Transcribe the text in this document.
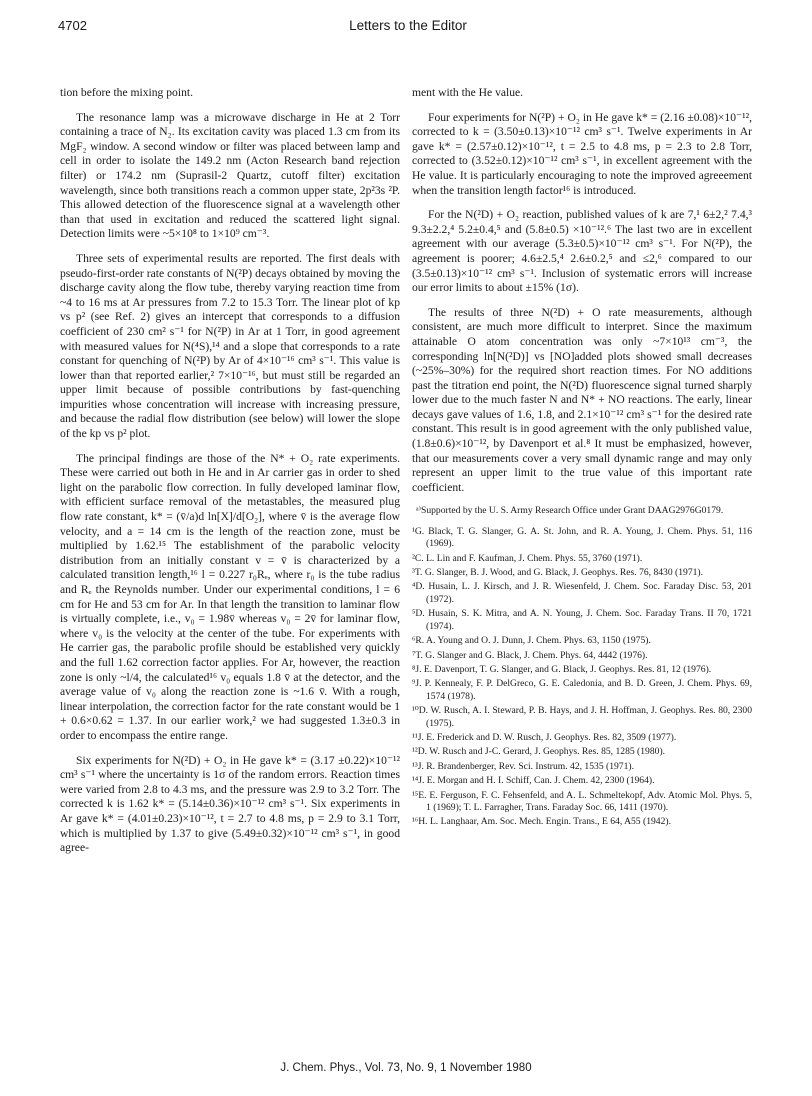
4702	Letters to the Editor

tion before the mixing point.

The resonance lamp was a microwave discharge in He at 2 Torr containing a trace of N₂. Its excitation cavity was placed 1.3 cm from its MgF₂ window. A second window or filter was placed between lamp and cell in order to isolate the 149.2 nm (Acton Research band rejection filter) or 174.2 nm (Suprasil-2 Quartz, cutoff filter) excitation wavelength, since both transitions reach a common upper state, 2p²3s ²P. This allowed detection of the fluorescence signal at a wavelength other than that used in excitation and reduced the scattered light signal. Detection limits were ~5×10⁸ to 1×10⁹ cm⁻³.

Three sets of experimental results are reported. The first deals with pseudo-first-order rate constants of N(²P) decays obtained by moving the discharge cavity along the flow tube, thereby varying reaction time from ~4 to 16 ms at Ar pressures from 7.2 to 15.3 Torr. The linear plot of kp vs p² (see Ref. 2) gives an intercept that corresponds to a diffusion coefficient of 230 cm² s⁻¹ for N(²P) in Ar at 1 Torr, in good agreement with measured values for N(⁴S),¹⁴ and a slope that corresponds to a rate constant for quenching of N(²P) by Ar of 4×10⁻¹⁶ cm³ s⁻¹. This value is lower than that reported earlier,² 7×10⁻¹⁶, but must still be regarded an upper limit because of possible contributions by fast-quenching impurities whose concentration will increase with increasing pressure, and because the radial flow distribution (see below) will lower the slope of the kp vs p² plot.

The principal findings are those of the N* + O₂ rate experiments. These were carried out both in He and in Ar carrier gas in order to shed light on the parabolic flow correction. In fully developed laminar flow, with efficient surface removal of the metastables, the measured plug flow rate constant, k* = (v̄/a)d ln[X]/d[O₂], where v̄ is the average flow velocity, and a = 14 cm is the length of the reaction zone, must be multiplied by 1.62.¹⁵ The establishment of the parabolic velocity distribution from an initially constant v = v̄ is characterized by a calculated transition length,¹⁶ l = 0.227 r₀Rₑ, where r₀ is the tube radius and Rₑ the Reynolds number. Under our experimental conditions, l = 6 cm for He and 53 cm for Ar. In that length the transition to laminar flow is virtually complete, i.e., v₀ = 1.98v̄ whereas v₀ = 2v̄ for laminar flow, where v₀ is the velocity at the center of the tube. For experiments with He carrier gas, the parabolic profile should be established very quickly and the full 1.62 correction factor applies. For Ar, however, the reaction zone is only ~l/4, the calculated¹⁶ v₀ equals 1.8 v̄ at the detector, and the average value of v₀ along the reaction zone is ~1.6 v̄. With a rough, linear interpolation, the correction factor for the rate constant would be 1 + 0.6×0.62 = 1.37. In our earlier work,² we had suggested 1.3±0.3 in order to encompass the entire range.

Six experiments for N(²D) + O₂ in He gave k* = (3.17 ±0.22)×10⁻¹² cm³ s⁻¹ where the uncertainty is 1σ of the random errors. Reaction times were varied from 2.8 to 4.3 ms, and the pressure was 2.9 to 3.2 Torr. The corrected k is 1.62 k* = (5.14±0.36)×10⁻¹² cm³ s⁻¹. Six experiments in Ar gave k* = (4.01±0.23)×10⁻¹², t = 2.7 to 4.8 ms, p = 2.9 to 3.1 Torr, which is multiplied by 1.37 to give (5.49±0.32)×10⁻¹² cm³ s⁻¹, in good agree-

ment with the He value.

Four experiments for N(²P) + O₂ in He gave k* = (2.16 ±0.08)×10⁻¹², corrected to k = (3.50±0.13)×10⁻¹² cm³ s⁻¹. Twelve experiments in Ar gave k* = (2.57±0.12)×10⁻¹², t = 2.5 to 4.8 ms, p = 2.3 to 2.8 Torr, corrected to (3.52±0.12)×10⁻¹² cm³ s⁻¹, in excellent agreement with the He value. It is particularly encouraging to note the improved agreeement when the transition length factor¹⁶ is introduced.

For the N(²D) + O₂ reaction, published values of k are 7,¹ 6±2,² 7.4,³ 9.3±2.2,⁴ 5.2±0.4,⁵ and (5.8±0.5) ×10⁻¹².⁶ The last two are in excellent agreement with our average (5.3±0.5)×10⁻¹² cm³ s⁻¹. For N(²P), the agreement is poorer; 4.6±2.5,⁴ 2.6±0.2,⁵ and ≤2,⁶ compared to our (3.5±0.13)×10⁻¹² cm³ s⁻¹. Inclusion of systematic errors will increase our error limits to about ±15% (1σ).

The results of three N(²D) + O rate measurements, although consistent, are much more difficult to interpret. Since the maximum attainable O atom concentration was only ~7×10¹³ cm⁻³, the corresponding ln[N(²D)] vs [NO]added plots showed small decreases (~25%–30%) for the required short reaction times. For NO additions past the titration end point, the N(²D) fluorescence signal turned sharply lower due to the much faster N and N* + NO reactions. The early, linear decays gave values of 1.6, 1.8, and 2.1×10⁻¹² cm³ s⁻¹ for the desired rate constant. This result is in good agreement with the only published value, (1.8±0.6)×10⁻¹², by Davenport et al.⁸ It must be emphasized, however, that our measurements cover a very small dynamic range and may only represent an upper limit to the true value of this important rate coefficient.

ᵃ⁾Supported by the U. S. Army Research Office under Grant DAAG2976G0179.
¹G. Black, T. G. Slanger, G. A. St. John, and R. A. Young, J. Chem. Phys. 51, 116 (1969).
²C. L. Lin and F. Kaufman, J. Chem. Phys. 55, 3760 (1971).
³T. G. Slanger, B. J. Wood, and G. Black, J. Geophys. Res. 76, 8430 (1971).
⁴D. Husain, L. J. Kirsch, and J. R. Wiesenfeld, J. Chem. Soc. Faraday Disc. 53, 201 (1972).
⁵D. Husain, S. K. Mitra, and A. N. Young, J. Chem. Soc. Faraday Trans. II 70, 1721 (1974).
⁶R. A. Young and O. J. Dunn, J. Chem. Phys. 63, 1150 (1975).
⁷T. G. Slanger and G. Black, J. Chem. Phys. 64, 4442 (1976).
⁸J. E. Davenport, T. G. Slanger, and G. Black, J. Geophys. Res. 81, 12 (1976).
⁹J. P. Kennealy, F. P. DelGreco, G. E. Caledonia, and B. D. Green, J. Chem. Phys. 69, 1574 (1978).
¹⁰D. W. Rusch, A. I. Steward, P. B. Hays, and J. H. Hoffman, J. Geophys. Res. 80, 2300 (1975).
¹¹J. E. Frederick and D. W. Rusch, J. Geophys. Res. 82, 3509 (1977).
¹²D. W. Rusch and J-C. Gerard, J. Geophys. Res. 85, 1285 (1980).
¹³J. R. Brandenberger, Rev. Sci. Instrum. 42, 1535 (1971).
¹⁴J. E. Morgan and H. I. Schiff, Can. J. Chem. 42, 2300 (1964).
¹⁵E. E. Ferguson, F. C. Fehsenfeld, and A. L. Schmeltekopf, Adv. Atomic Mol. Phys. 5, 1 (1969); T. L. Farragher, Trans. Faraday Soc. 66, 1411 (1970).
¹⁶H. L. Langhaar, Am. Soc. Mech. Engin. Trans., E 64, A55 (1942).
J. Chem. Phys., Vol. 73, No. 9, 1 November 1980
